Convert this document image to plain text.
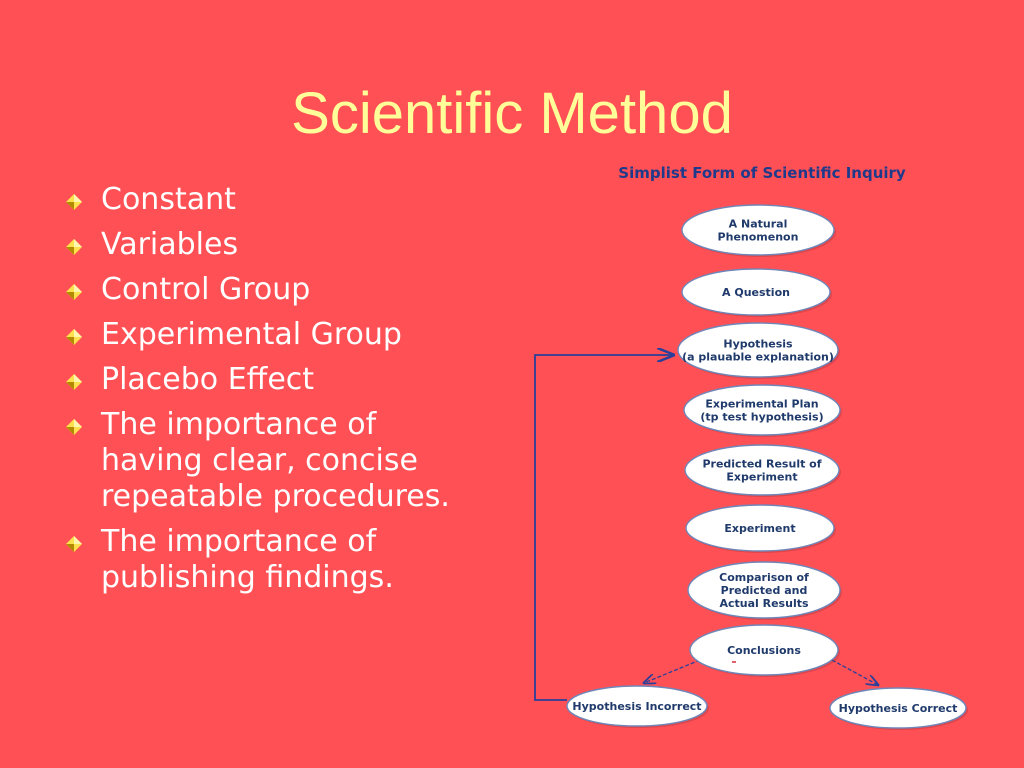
Scientific Method
Constant
Variables
Control Group
Experimental Group
Placebo Effect
The importance of having clear, concise repeatable procedures.
The importance of publishing findings.
Simplist Form of Scientific Inquiry
A Natural
Phenomenon
A Question
Hypothesis
(a plauable explanation)
Experimental Plan
(tp test hypothesis)
Predicted Result of
Experiment
Experiment
Comparison of
Predicted and
Actual Results
Conclusions
Hypothesis Incorrect	Hypothesis Correct
